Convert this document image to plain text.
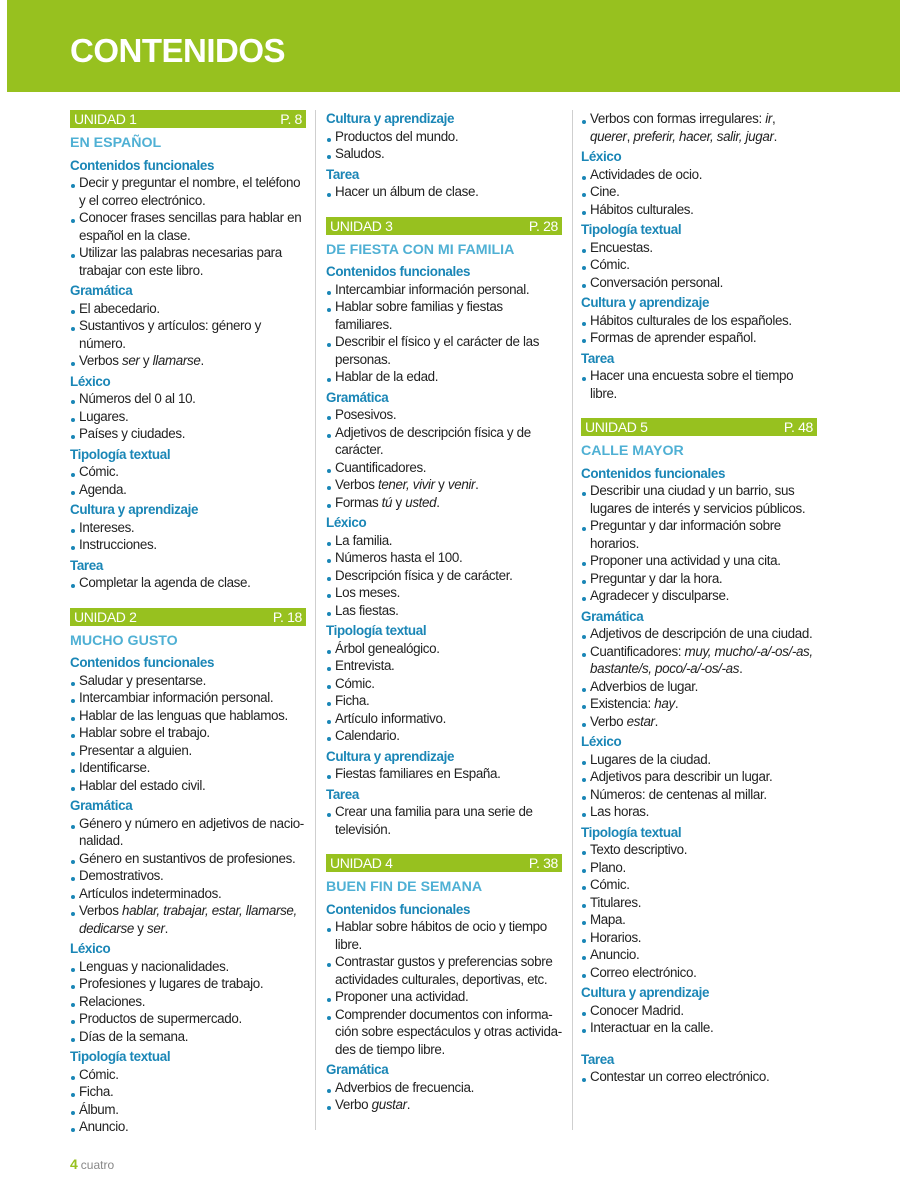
CONTENIDOS
UNIDAD 1	P. 8
EN ESPAÑOL
Contenidos funcionales
Decir y preguntar el nombre, el teléfono y el correo electrónico.
Conocer frases sencillas para hablar en español en la clase.
Utilizar las palabras necesarias para trabajar con este libro.
Gramática
El abecedario.
Sustantivos y artículos: género y número.
Verbos ser y llamarse.
Léxico
Números del 0 al 10.
Lugares.
Países y ciudades.
Tipología textual
Cómic.
Agenda.
Cultura y aprendizaje
Intereses.
Instrucciones.
Tarea
Completar la agenda de clase.
UNIDAD 2	P. 18
MUCHO GUSTO
Contenidos funcionales
Saludar y presentarse.
Intercambiar información personal.
Hablar de las lenguas que hablamos.
Hablar sobre el trabajo.
Presentar a alguien.
Identificarse.
Hablar del estado civil.
Gramática
Género y número en adjetivos de nacio-nalidad.
Género en sustantivos de profesiones.
Demostrativos.
Artículos indeterminados.
Verbos hablar, trabajar, estar, llamarse, dedicarse y ser.
Léxico
Lenguas y nacionalidades.
Profesiones y lugares de trabajo.
Relaciones.
Productos de supermercado.
Días de la semana.
Tipología textual
Cómic.
Ficha.
Álbum.
Anuncio.
Cultura y aprendizaje
Productos del mundo.
Saludos.
Tarea
Hacer un álbum de clase.
UNIDAD 3	P. 28
DE FIESTA CON MI FAMILIA
Contenidos funcionales
Intercambiar información personal.
Hablar sobre familias y fiestas familiares.
Describir el físico y el carácter de las personas.
Hablar de la edad.
Gramática
Posesivos.
Adjetivos de descripción física y de carácter.
Cuantificadores.
Verbos tener, vivir y venir.
Formas tú y usted.
Léxico
La familia.
Números hasta el 100.
Descripción física y de carácter.
Los meses.
Las fiestas.
Tipología textual
Árbol genealógico.
Entrevista.
Cómic.
Ficha.
Artículo informativo.
Calendario.
Cultura y aprendizaje
Fiestas familiares en España.
Tarea
Crear una familia para una serie de televisión.
UNIDAD 4	P. 38
BUEN FIN DE SEMANA
Contenidos funcionales
Hablar sobre hábitos de ocio y tiempo libre.
Contrastar gustos y preferencias sobre actividades culturales, deportivas, etc.
Proponer una actividad.
Comprender documentos con informa-ción sobre espectáculos y otras activida-des de tiempo libre.
Gramática
Adverbios de frecuencia.
Verbo gustar.
Verbos con formas irregulares: ir, querer, preferir, hacer, salir, jugar.
Léxico
Actividades de ocio.
Cine.
Hábitos culturales.
Tipología textual
Encuestas.
Cómic.
Conversación personal.
Cultura y aprendizaje
Hábitos culturales de los españoles.
Formas de aprender español.
Tarea
Hacer una encuesta sobre el tiempo libre.
UNIDAD 5	P. 48
CALLE MAYOR
Contenidos funcionales
Describir una ciudad y un barrio, sus lugares de interés y servicios públicos.
Preguntar y dar información sobre horarios.
Proponer una actividad y una cita.
Preguntar y dar la hora.
Agradecer y disculparse.
Gramática
Adjetivos de descripción de una ciudad.
Cuantificadores: muy, mucho/-a/-os/-as, bastante/s, poco/-a/-os/-as.
Adverbios de lugar.
Existencia: hay.
Verbo estar.
Léxico
Lugares de la ciudad.
Adjetivos para describir un lugar.
Números: de centenas al millar.
Las horas.
Tipología textual
Texto descriptivo.
Plano.
Cómic.
Titulares.
Mapa.
Horarios.
Anuncio.
Correo electrónico.
Cultura y aprendizaje
Conocer Madrid.
Interactuar en la calle.
Tarea
Contestar un correo electrónico.
4 cuatro
